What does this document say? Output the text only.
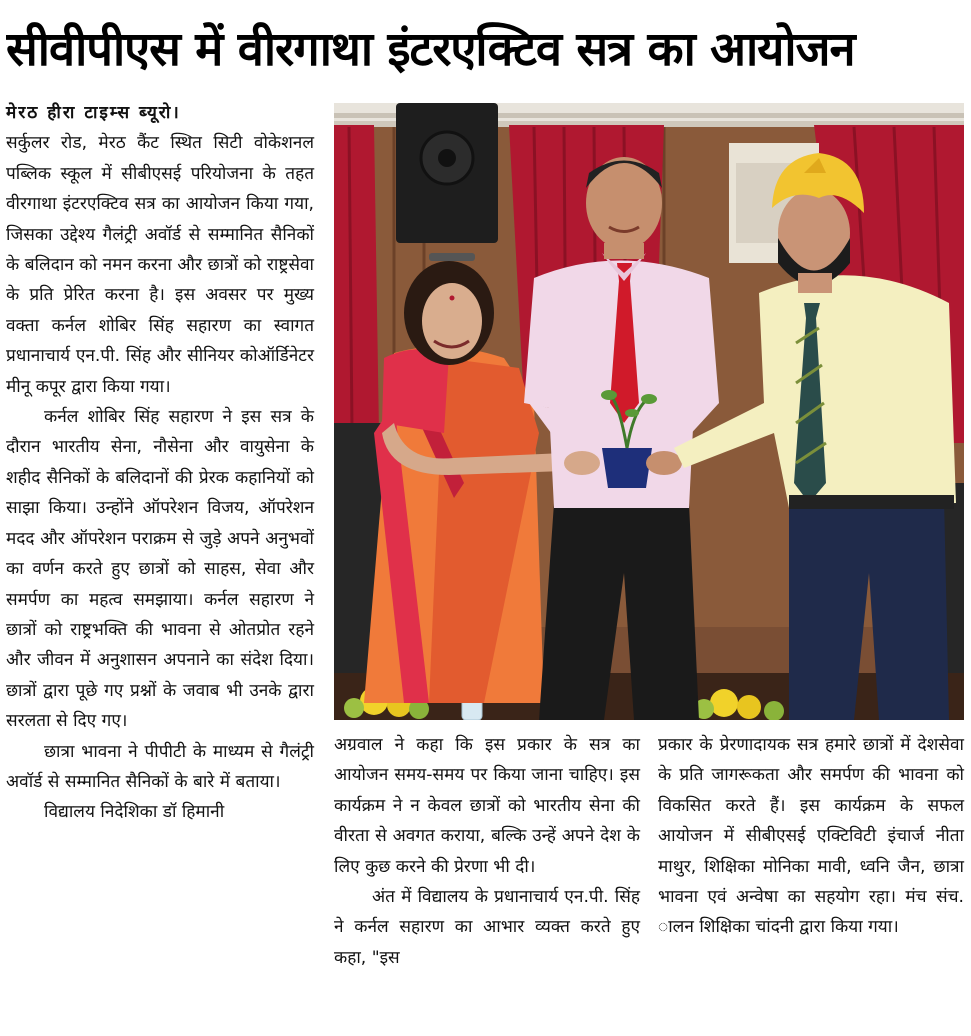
सीवीपीएस में वीरगाथा इंटरएक्टिव सत्र का आयोजन

मेरठ हीरा टाइम्स ब्यूरो।

सर्कुलर रोड, मेरठ कैंट स्थित सिटी वोकेशनल पब्लिक स्कूल में सीबीएसई परियोजना के तहत वीरगाथा इंटरएक्टिव सत्र का आयोजन किया गया, जिसका उद्देश्य गैलंट्री अवॉर्ड से सम्मानित सैनिकों के बलिदान को नमन करना और छात्रों को राष्ट्रसेवा के प्रति प्रेरित करना है। इस अवसर पर मुख्य वक्ता कर्नल शोबिर सिंह सहारण का स्वागत प्रधानाचार्य एन.पी. सिंह और सीनियर कोऑर्डिनेटर मीनू कपूर द्वारा किया गया।

कर्नल शोबिर सिंह सहारण ने इस सत्र के दौरान भारतीय सेना, नौसेना और वायुसेना के शहीद सैनिकों के बलिदानों की प्रेरक कहानियों को साझा किया। उन्होंने ऑपरेशन विजय, ऑपरेशन मदद और ऑपरेशन पराक्रम से जुड़े अपने अनुभवों का वर्णन करते हुए छात्रों को साहस, सेवा और समर्पण का महत्व समझाया। कर्नल सहारण ने छात्रों को राष्ट्रभक्ति की भावना से ओतप्रोत रहने और जीवन में अनुशासन अपनाने का संदेश दिया। छात्रों द्वारा पूछे गए प्रश्नों के जवाब भी उनके द्वारा सरलता से दिए गए।

छात्रा भावना ने पीपीटी के माध्यम से गैलंट्री अवॉर्ड से सम्मानित सैनिकों के बारे में बताया।

विद्यालय निदेशिका डॉ हिमानी

अग्रवाल ने कहा कि इस प्रकार के सत्र का आयोजन समय-समय पर किया जाना चाहिए। इस कार्यक्रम ने न केवल छात्रों को भारतीय सेना की वीरता से अवगत कराया, बल्कि उन्हें अपने देश के लिए कुछ करने की प्रेरणा भी दी।

अंत में विद्यालय के प्रधानाचार्य एन.पी. सिंह ने कर्नल सहारण का आभार व्यक्त करते हुए कहा, "इस

प्रकार के प्रेरणादायक सत्र हमारे छात्रों में देशसेवा के प्रति जागरूकता और समर्पण की भावना को विकसित करते हैं। इस कार्यक्रम के सफल आयोजन में सीबीएसई एक्टिविटी इंचार्ज नीता माथुर, शिक्षिका मोनिका मावी, ध्वनि जैन, छात्रा भावना एवं अन्वेषा का सहयोग रहा। मंच संच. ालन शिक्षिका चांदनी द्वारा किया गया।
